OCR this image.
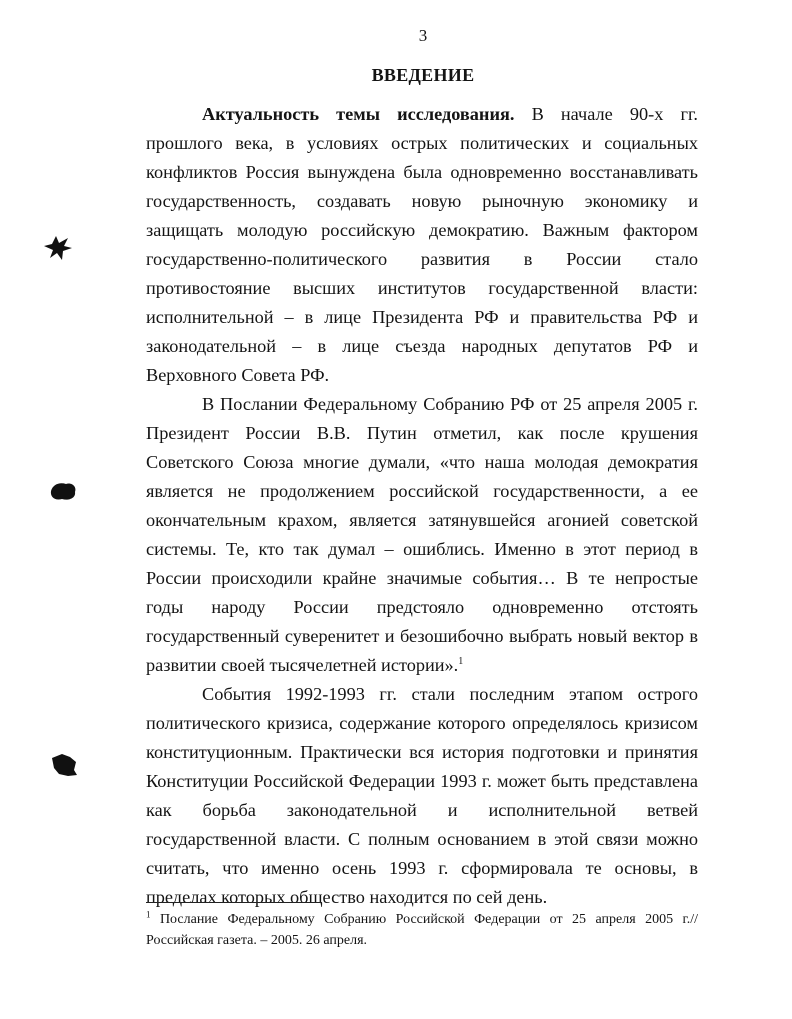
3
ВВЕДЕНИЕ

Актуальность темы исследования. В начале 90-х гг. прошлого века, в условиях острых политических и социальных конфликтов Россия вынуждена была одновременно восстанавливать государственность, создавать новую рыночную экономику и защищать молодую российскую демократию. Важным фактором государственно-политического развития в России стало противостояние высших институтов государственной власти: исполнительной – в лице Президента РФ и правительства РФ и законодательной – в лице съезда народных депутатов РФ и Верховного Совета РФ.

В Послании Федеральному Собранию РФ от 25 апреля 2005 г. Президент России В.В. Путин отметил, как после крушения Советского Союза многие думали, «что наша молодая демократия является не продолжением российской государственности, а ее окончательным крахом, является затянувшейся агонией советской системы. Те, кто так думал – ошиблись. Именно в этот период в России происходили крайне значимые события… В те непростые годы народу России предстояло одновременно отстоять государственный суверенитет и безошибочно выбрать новый вектор в развитии своей тысячелетней истории».$^1$

События 1992-1993 гг. стали последним этапом острого политического кризиса, содержание которого определялось кризисом конституционным. Практически вся история подготовки и принятия Конституции Российской Федерации 1993 г. может быть представлена как борьба законодательной и исполнительной ветвей государственной власти. С полным основанием в этой связи можно считать, что именно осень 1993 г. сформировала те основы, в пределах которых общество находится по сей день.

$^1$ Послание Федеральному Собранию Российской Федерации от 25 апреля 2005 г.// Российская газета. – 2005. 26 апреля.
